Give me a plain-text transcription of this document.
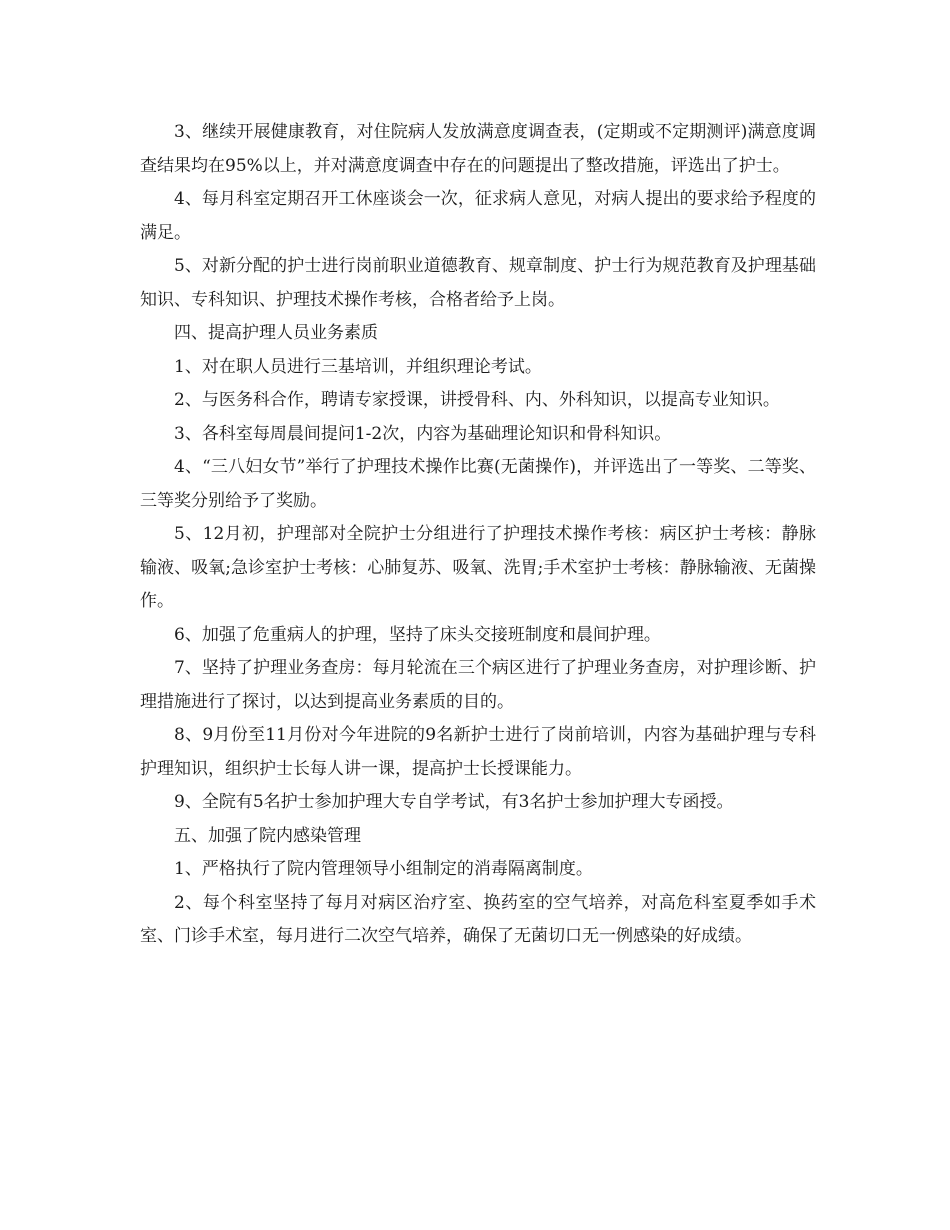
3、继续开展健康教育，对住院病人发放满意度调查表，(定期或不定期测评)满意度调查结果均在95%以上，并对满意度调查中存在的问题提出了整改措施，评选出了护士。

4、每月科室定期召开工休座谈会一次，征求病人意见，对病人提出的要求给予程度的满足。

5、对新分配的护士进行岗前职业道德教育、规章制度、护士行为规范教育及护理基础知识、专科知识、护理技术操作考核，合格者给予上岗。

四、提高护理人员业务素质

1、对在职人员进行三基培训，并组织理论考试。

2、与医务科合作，聘请专家授课，讲授骨科、内、外科知识，以提高专业知识。

3、各科室每周晨间提问1-2次，内容为基础理论知识和骨科知识。

4、“三八妇女节”举行了护理技术操作比赛(无菌操作)，并评选出了一等奖、二等奖、三等奖分别给予了奖励。

5、12月初，护理部对全院护士分组进行了护理技术操作考核：病区护士考核：静脉输液、吸氧;急诊室护士考核：心肺复苏、吸氧、洗胃;手术室护士考核：静脉输液、无菌操作。

6、加强了危重病人的护理，坚持了床头交接班制度和晨间护理。

7、坚持了护理业务查房：每月轮流在三个病区进行了护理业务查房，对护理诊断、护理措施进行了探讨，以达到提高业务素质的目的。

8、9月份至11月份对今年进院的9名新护士进行了岗前培训，内容为基础护理与专科护理知识，组织护士长每人讲一课，提高护士长授课能力。

9、全院有5名护士参加护理大专自学考试，有3名护士参加护理大专函授。

五、加强了院内感染管理

1、严格执行了院内管理领导小组制定的消毒隔离制度。

2、每个科室坚持了每月对病区治疗室、换药室的空气培养，对高危科室夏季如手术室、门诊手术室，每月进行二次空气培养，确保了无菌切口无一例感染的好成绩。
